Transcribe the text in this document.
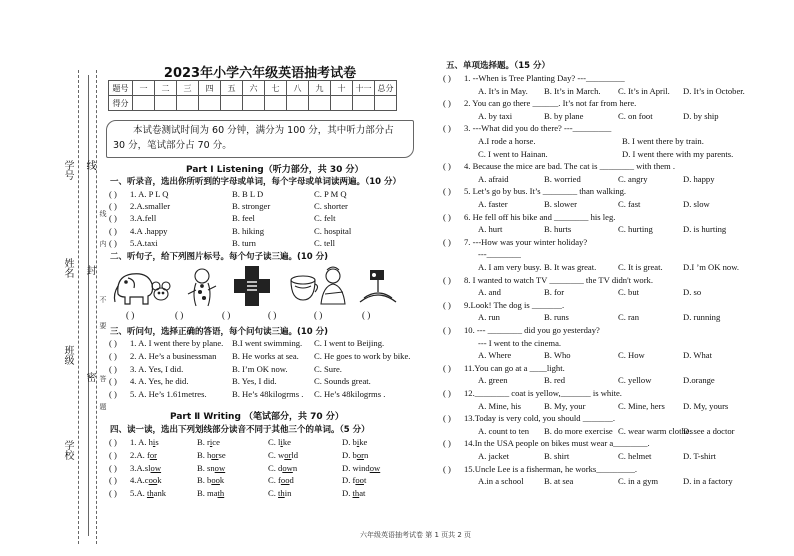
学号 线
姓名 封
班级
密
学校
线
内
不
要
答
题
2023年小学六年级英语抽考试卷
题号	一	二	三	四	五	六	七	八	九	十	十一	总分
得分												
本试卷测试时间为 60 分钟，满分为 100 分，其中听力部分占 30 分，笔试部分占 70 分。
Part Ⅰ Listening（听力部分，共 30 分）
一、听录音，选出你所听到的字母或单词，每个字母或单词读两遍。（10 分）
二、听句子，给下列图片标号。每个句子读三遍。(10 分)
( )	( )	( )	( )	( )	( )
三、听问句，选择正确的答语，每个问句读三遍。(10 分)
Part Ⅱ Writing （笔试部分，共 70 分）
四、读一读，选出下列划线部分读音不同于其他三个的单词。（5 分）
五、单项选择题。（15 分）
六年级英语抽考试卷 第 1 页共 2 页
( ) 1. A. P L Q	B. B L D	C. P M Q
( ) 2.A.smaller	B. stronger	C. shorter
( ) 3.A.fell	B. feel	C. felt
( ) 4.A .happy	B. hiking	C. hospital
( ) 5.A.taxi	B. turn	C. tell
( ) 1. A. I went there by plane. B.I went swimming. C. I went to Beijing.
( ) 2. A. He’s a businessman B. He works at sea. C. He goes to work by bike.
( ) 3. A. Yes, I did.	B. I’m OK now.	C. Sure.
( ) 4. A. Yes, he did.	B. Yes, I did.	C. Sounds great.
( ) 5. A. He’s 1.61metres.	B. He’s 48kilogrms . C. He’s 48kilogrms .
( ) 1. A. his	B. rice	C. like	D. bike
( ) 2.A. for	B. horse	C. world	D. born
( ) 3.A.slow	B. snow	C. down	D. window
( ) 4.A.cook	B. book	C. food	D. foot
( ) 5.A. thank	B. math	C. thin	D. that
( ) 1. --When is Tree Planting Day? ---_________
A. It’s in May. B. It’s in March. C. It’s in April. D. It’s in October.
( ) 2. You can go there ______. It’s not far from here.
A. by taxi	B. by plane	C. on foot	D. by ship
( ) 3. ---What did you do there? ---_________
A.I rode a horse.	B. I went there by train.
C. I went to Hainan.	D. I went there with my parents.
( ) 4. Because the mice are bad. The cat is ________ with them .
A. afraid	B. worried	C. angry	D. happy
( ) 5. Let’s go by bus. It’s ________ than walking.
A. faster	B. slower	C. fast	D. slow
( ) 6. He fell off his bike and ________ his leg.
A. hurt	B. hurts	C. hurting	D. is hurting
( ) 7. ---How was your winter holiday?
---________
A. I am very busy. B. It was great.	C. It is great. D.I ’m OK now.
( ) 8. I wanted to watch TV ________ the TV didn't work.
A. and	B. for	C. but	D. so
( ) 9.Look! The dog is _______.
A. run	B. runs	C. ran	D. running
( ) 10. --- ________ did you go yesterday?
--- I went to the cinema.
A. Where	B. Who	C. How	D. What
( ) 11.You can go at a ____light.
A. green	B. red	C. yellow	D.orange
( ) 12.________ coat is yellow,_______ is white.
A. Mine, his	B. My, your	C. Mine, hers D. My, yours
( ) 13.Today is very cold, you should _______.
A. count to ten B. do more exercise C. wear warm clothes
D. see a doctor
( ) 14.In the USA people on bikes must wear a________.
A. jacket	B. shirt	C. helmet	D. T-shirt
( ) 15.Uncle Lee is a fisherman, he works_________.
A.in a school B. at sea	C. in a gym	D. in a factory
